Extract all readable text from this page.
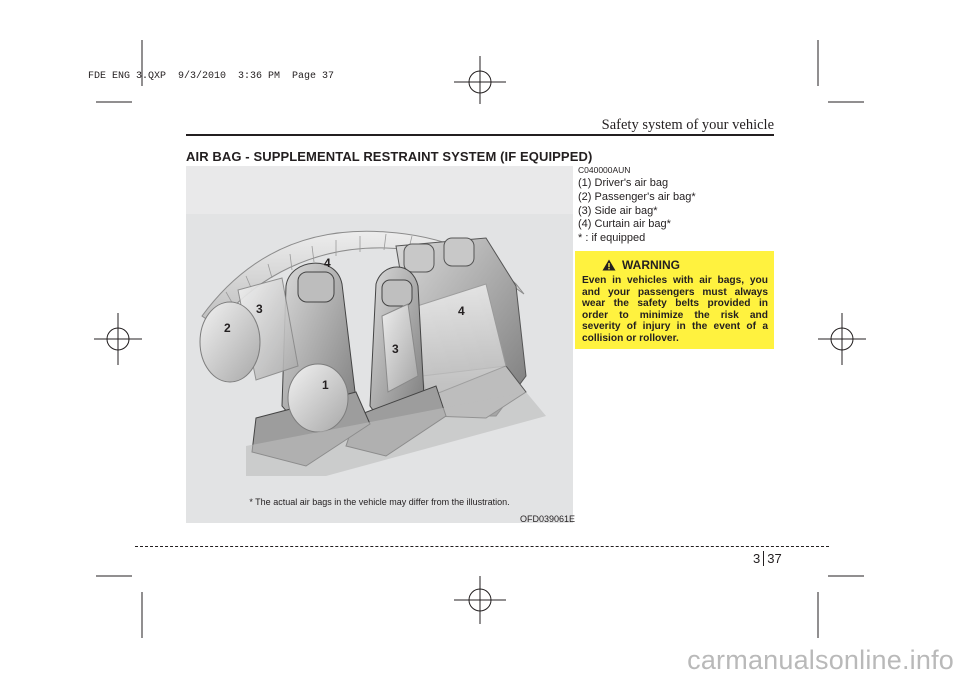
FDE ENG 3.QXP  9/3/2010  3:36 PM  Page 37
Safety system of your vehicle
AIR BAG - SUPPLEMENTAL RESTRAINT SYSTEM (IF EQUIPPED)
1
2
3
3
4
4
* The actual air bags in the vehicle may differ from the illustration.
OFD039061E
C040000AUN
(1) Driver's air bag
(2) Passenger's air bag*
(3) Side air bag*
(4) Curtain air bag*
* : if equipped
WARNING
Even in vehicles with air bags, you and your passengers must always wear the safety belts provided in order to minimize the risk and severity of injury in the event of a collision or rollover.
3 37
carmanualsonline.info
